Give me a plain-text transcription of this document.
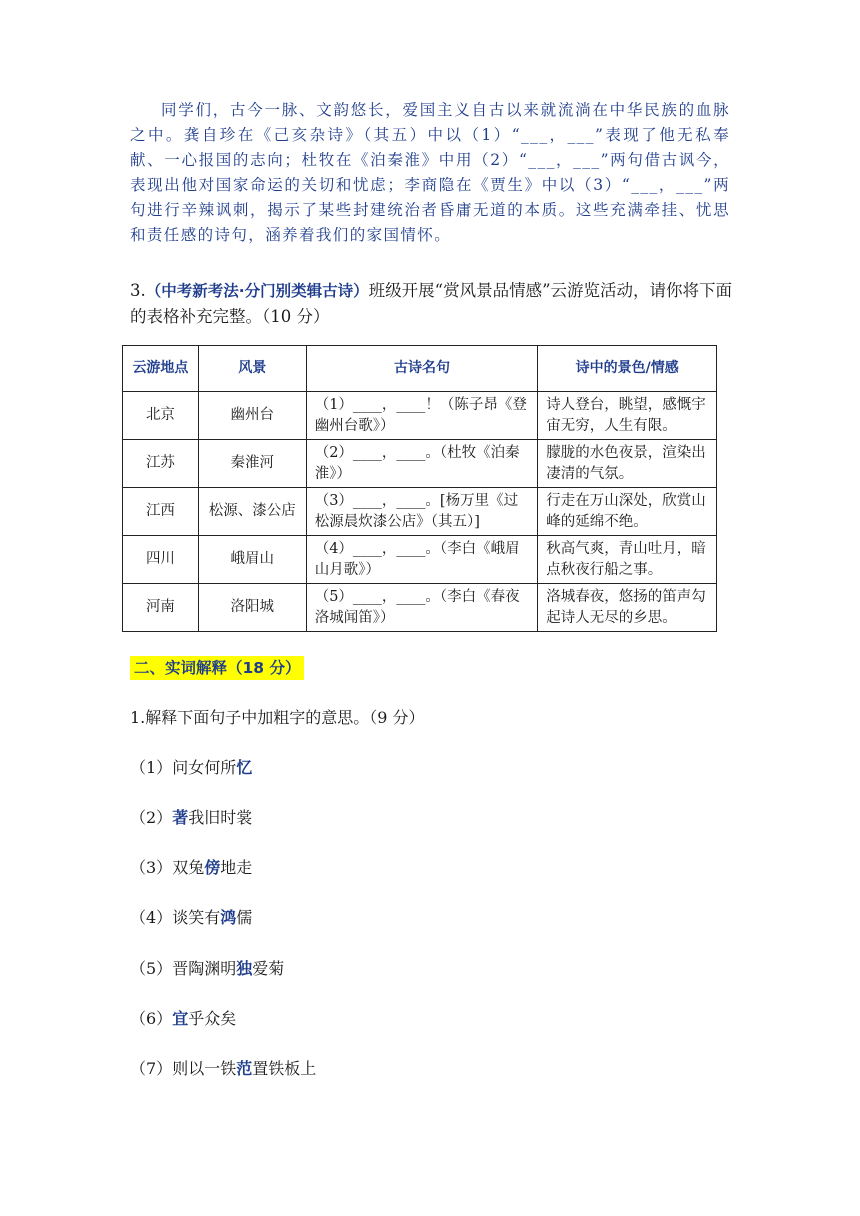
同学们，古今一脉、文韵悠长，爱国主义自古以来就流淌在中华民族的血脉之中。龚自珍在《己亥杂诗》（其五）中以（1）“___，___”表现了他无私奉献、一心报国的志向；杜牧在《泊秦淮》中用（2）“___，___”两句借古讽今，表现出他对国家命运的关切和忧虑；李商隐在《贾生》中以（3）“___，___”两句进行辛辣讽刺，揭示了某些封建统治者昏庸无道的本质。这些充满牵挂、忧思和责任感的诗句，涵养着我们的家国情怀。
3.（中考新考法·分门别类辑古诗）班级开展“赏风景品情感”云游览活动，请你将下面的表格补充完整。（10 分）
云游地点	风景	古诗名句	诗中的景色/情感
北京	幽州台	（1）____，____！（陈子昂《登幽州台歌》）	诗人登台，眺望，感慨宇宙无穷，人生有限。
江苏	秦淮河	（2）____，____。（杜牧《泊秦淮》）	朦胧的水色夜景，渲染出凄清的气氛。
江西	松源、漆公店	（3）____，____。[杨万里《过松源晨炊漆公店》（其五）]	行走在万山深处，欣赏山峰的延绵不绝。
四川	峨眉山	（4）____，____。（李白《峨眉山月歌》）	秋高气爽，青山吐月，暗点秋夜行船之事。
河南	洛阳城	（5）____，____。（李白《春夜洛城闻笛》）	洛城春夜，悠扬的笛声勾起诗人无尽的乡思。
二、实词解释（18 分）
1.解释下面句子中加粗字的意思。（9 分）
（1）问女何所忆
（2）著我旧时裳
（3）双兔傍地走
（4）谈笑有鸿儒
（5）晋陶渊明独爱菊
（6）宜乎众矣
（7）则以一铁范置铁板上
